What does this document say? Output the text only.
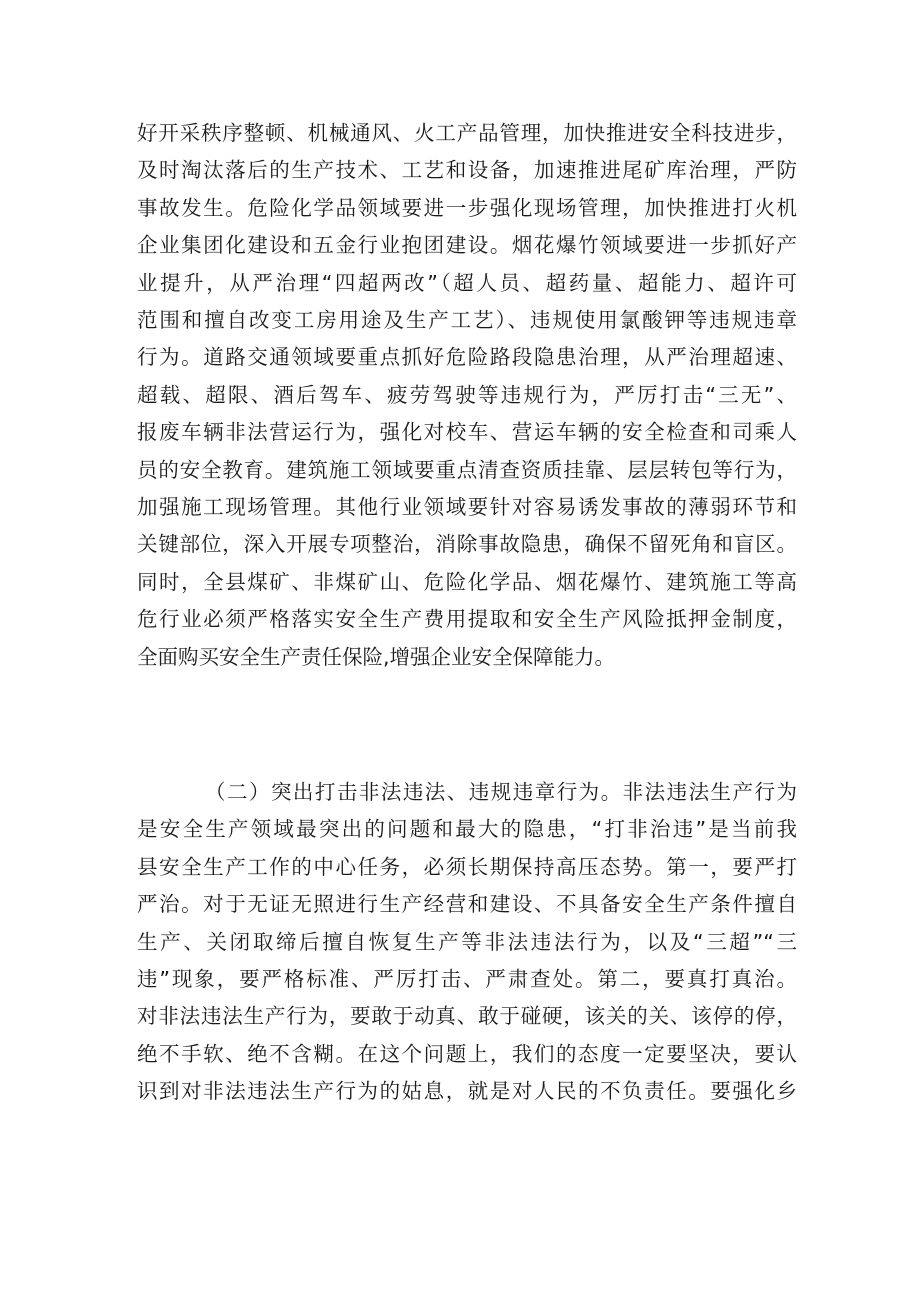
好开采秩序整顿、机械通风、火工产品管理，加快推进安全科技进步，
及时淘汰落后的生产技术、工艺和设备，加速推进尾矿库治理，严防
事故发生。危险化学品领域要进一步强化现场管理，加快推进打火机
企业集团化建设和五金行业抱团建设。烟花爆竹领域要进一步抓好产
业提升，从严治理“四超两改”（超人员、超药量、超能力、超许可
范围和擅自改变工房用途及生产工艺）、违规使用氯酸钾等违规违章
行为。道路交通领域要重点抓好危险路段隐患治理，从严治理超速、
超载、超限、酒后驾车、疲劳驾驶等违规行为，严厉打击“三无”、
报废车辆非法营运行为，强化对校车、营运车辆的安全检查和司乘人
员的安全教育。建筑施工领域要重点清查资质挂靠、层层转包等行为，
加强施工现场管理。其他行业领域要针对容易诱发事故的薄弱环节和
关键部位，深入开展专项整治，消除事故隐患，确保不留死角和盲区。
同时，全县煤矿、非煤矿山、危险化学品、烟花爆竹、建筑施工等高
危行业必须严格落实安全生产费用提取和安全生产风险抵押金制度，
全面购买安全生产责任保险,增强企业安全保障能力。
（二）突出打击非法违法、违规违章行为。非法违法生产行为
是安全生产领域最突出的问题和最大的隐患，“打非治违”是当前我
县安全生产工作的中心任务，必须长期保持高压态势。第一，要严打
严治。对于无证无照进行生产经营和建设、不具备安全生产条件擅自
生产、关闭取缔后擅自恢复生产等非法违法行为，以及“三超”“三
违”现象，要严格标准、严厉打击、严肃查处。第二，要真打真治。
对非法违法生产行为，要敢于动真、敢于碰硬，该关的关、该停的停，
绝不手软、绝不含糊。在这个问题上，我们的态度一定要坚决，要认
识到对非法违法生产行为的姑息，就是对人民的不负责任。要强化乡
